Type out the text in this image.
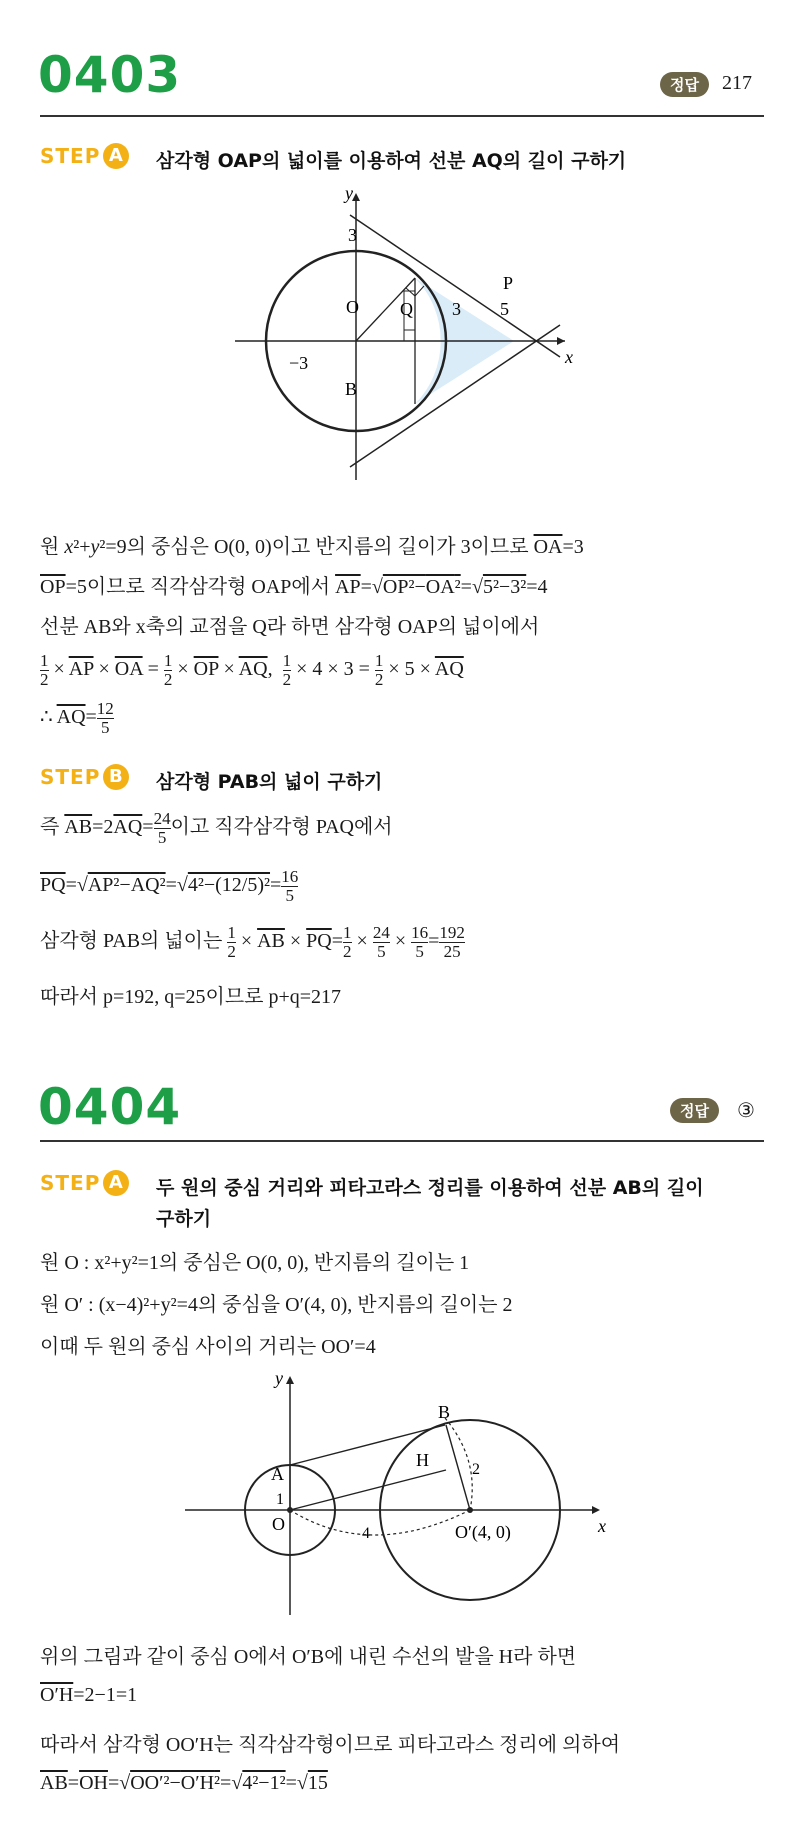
0403	정답	217
STEP A 삼각형 OAP의 넓이를 이용하여 선분 AQ의 길이 구하기
y
x
3
−3
O Q 3 5
P
B
원 x²+y²=9의 중심은 O(0, 0)이고 반지름의 길이가 3이므로 $\overline{OA}=3$
$\overline{OP}=5$이므로 직각삼각형 OAP에서 $\overline{AP}=√OP^2-OA^2=√5^2-3^2=4$
선분 AB와 x축의 교점을 Q라 하면 삼각형 OAP의 넓이에서
1
$2 \times \overline{AP} \times \overline{OA} = 1$
$2 \times \overline{OP} \times \overline{AQ}$, 1
2 × 4 × 3 = 1
$2 \times 5 \times \overline{AQ}$
∴ $\overline{AQ}= 12$
5
STEP B 삼각형 PAB의 넓이 구하기
즉 $\overline{AB}=2\overline{AQ}= 24$
5 이고 직각삼각형 PAQ에서
$\overline{PQ}=√AP^2-AQ^2=√4^2-(12/5)^2= 16$
5
삼각형 PAB의 넓이는 1
$2 \times \overline{AB} \times \overline{PQ}= 1$
2 × 24
5 × 16
5 = 192
25
따라서 p=192, q=25이므로 p+q=217
0404	정답	③
STEP A 두 원의 중심 거리와 피타고라스 정리를 이용하여 선분 AB의 길이
구하기
원 O : x²+y²=1의 중심은 O(0, 0), 반지름의 길이는 1
원 O′ : (x−4)²+y²=4의 중심을 O′(4, 0), 반지름의 길이는 2
이때 두 원의 중심 사이의 거리는 OO′=4
y
x
A
B
H
O
1
2
4	O′(4, 0)
위의 그림과 같이 중심 O에서 O′B에 내린 수선의 발을 H라 하면
O′H=2−1=1
따라서 삼각형 OO′H는 직각삼각형이므로 피타고라스 정리에 의하여
$\overline{AB}=\overline{OH}=√OO'^2-O'H^2=√4^2-1^2=√15$
